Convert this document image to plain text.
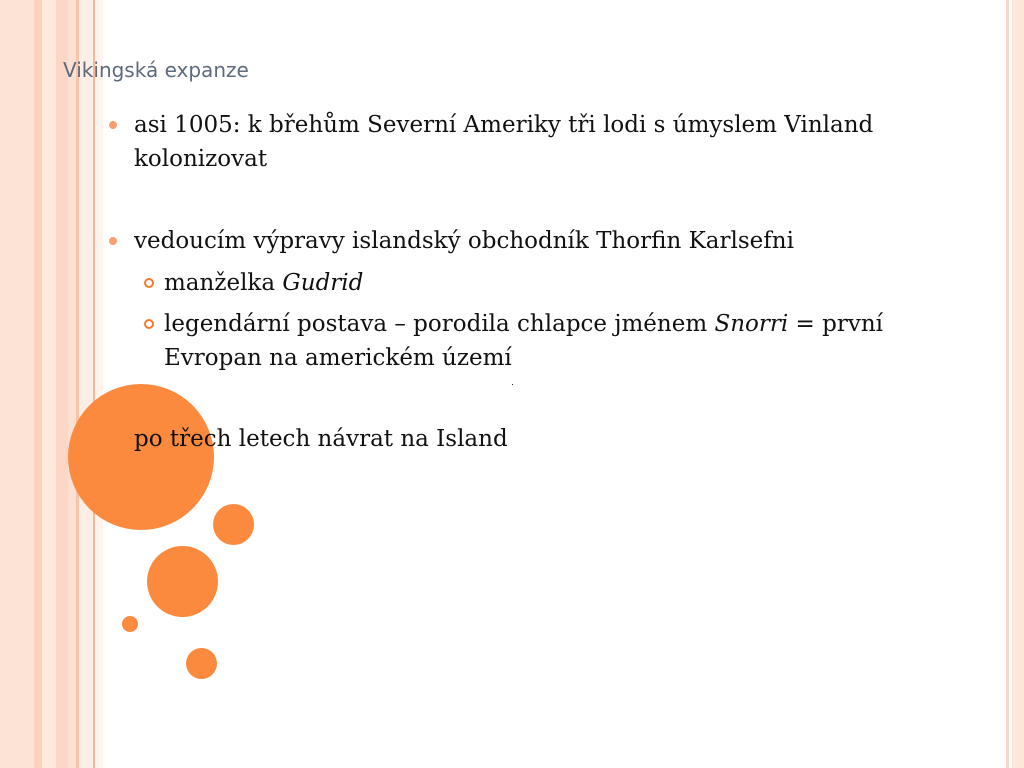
Vikingská expanze
asi 1005: k břehům Severní Ameriky tři lodi s úmyslem Vinland
kolonizovat
vedoucím výpravy islandský obchodník Thorfin Karlsefni
manželka Gudrid
legendární postava – porodila chlapce jménem Snorri = první
Evropan na americkém území
po třech letech návrat na Island
